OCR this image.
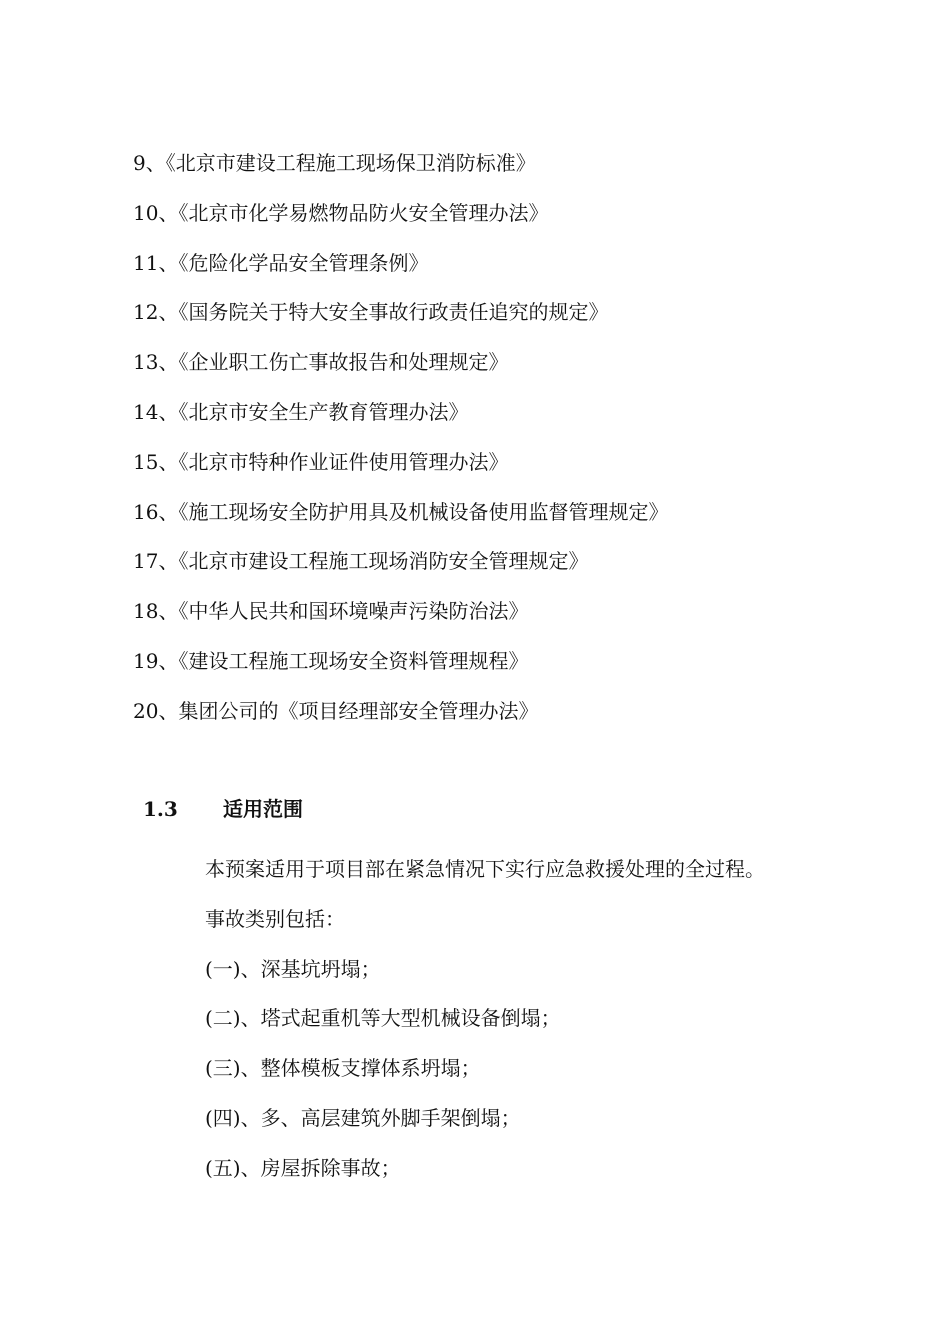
9、《北京市建设工程施工现场保卫消防标准》
10、《北京市化学易燃物品防火安全管理办法》
11、《危险化学品安全管理条例》
12、《国务院关于特大安全事故行政责任追究的规定》
13、《企业职工伤亡事故报告和处理规定》
14、《北京市安全生产教育管理办法》
15、《北京市特种作业证件使用管理办法》
16、《施工现场安全防护用具及机械设备使用监督管理规定》
17、《北京市建设工程施工现场消防安全管理规定》
18、《中华人民共和国环境噪声污染防治法》
19、《建设工程施工现场安全资料管理规程》
20、集团公司的《项目经理部安全管理办法》
1.3 适用范围
本预案适用于项目部在紧急情况下实行应急救援处理的全过程。
事故类别包括：
(一)、深基坑坍塌；
(二)、塔式起重机等大型机械设备倒塌；
(三)、整体模板支撑体系坍塌；
(四)、多、高层建筑外脚手架倒塌；
(五)、房屋拆除事故；
